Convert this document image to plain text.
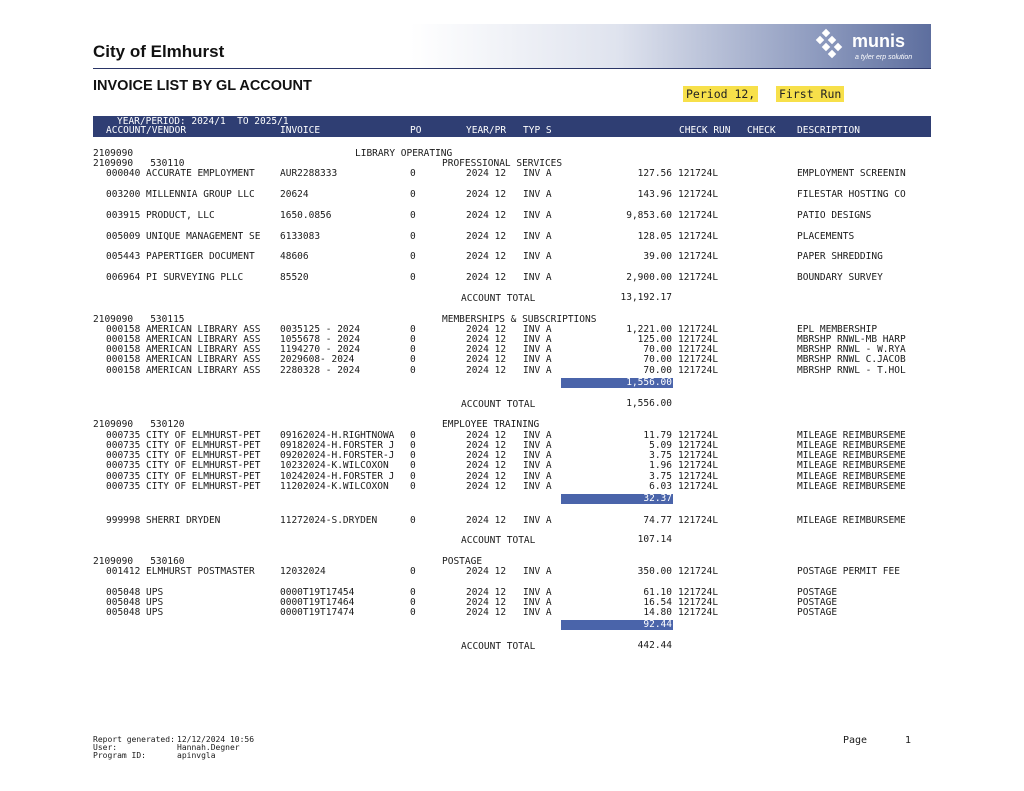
City of Elmhurst
INVOICE LIST BY GL ACCOUNT
munis
a tyler erp solution
Period 12, First Run
YEAR/PERIOD: 2024/1  TO 2025/1
ACCOUNT/VENDOR	INVOICE	PO	YEAR/PR TYP S	CHECK RUN CHECK DESCRIPTION
2109090	LIBRARY OPERATING
2109090   530110	PROFESSIONAL SERVICES
000040 ACCURATE EMPLOYMENT	AUR2288333	0	2024 12 INV A	127.56 121724L	EMPLOYMENT SCREENIN
003200 MILLENNIA GROUP LLC	20624	0	2024 12 INV A	143.96 121724L	FILESTAR HOSTING CO
003915 PRODUCT, LLC	1650.0856	0	2024 12 INV A	9,853.60 121724L	PATIO DESIGNS
005009 UNIQUE MANAGEMENT SE 6133083	0	2024 12 INV A	128.05 121724L	PLACEMENTS
005443 PAPERTIGER DOCUMENT	48606	0	2024 12 INV A	39.00 121724L	PAPER SHREDDING
006964 PI SURVEYING PLLC	85520	0	2024 12 INV A	2,900.00 121724L	BOUNDARY SURVEY
ACCOUNT TOTAL	13,192.17
2109090   530115	MEMBERSHIPS & SUBSCRIPTIONS
000158 AMERICAN LIBRARY ASS 0035125 - 2024	0	2024 12 INV A	1,221.00 121724L	EPL MEMBERSHIP
000158 AMERICAN LIBRARY ASS 1055678 - 2024	0	2024 12 INV A	125.00 121724L	MBRSHP RNWL-MB HARP
000158 AMERICAN LIBRARY ASS 1194270 - 2024	0	2024 12 INV A	70.00 121724L	MBRSHP RNWL - W.RYA
000158 AMERICAN LIBRARY ASS 2029608- 2024	0	2024 12 INV A	70.00 121724L	MBRSHP RNWL C.JACOB
000158 AMERICAN LIBRARY ASS 2280328 - 2024	0	2024 12 INV A	70.00 121724L	MBRSHP RNWL - T.HOL
1,556.00
ACCOUNT TOTAL	1,556.00
2109090   530120	EMPLOYEE TRAINING
000735 CITY OF ELMHURST-PET 09162024-H.RIGHTNOWA 0	2024 12 INV A	11.79 121724L	MILEAGE REIMBURSEME
000735 CITY OF ELMHURST-PET 09182024-H.FORSTER J 0	2024 12 INV A	5.09 121724L	MILEAGE REIMBURSEME
000735 CITY OF ELMHURST-PET 09202024-H.FORSTER-J 0	2024 12 INV A	3.75 121724L	MILEAGE REIMBURSEME
000735 CITY OF ELMHURST-PET 10232024-K.WILCOXON 0	2024 12 INV A	1.96 121724L	MILEAGE REIMBURSEME
000735 CITY OF ELMHURST-PET 10242024-H.FORSTER J 0	2024 12 INV A	3.75 121724L	MILEAGE REIMBURSEME
000735 CITY OF ELMHURST-PET 11202024-K.WILCOXON 0	2024 12 INV A	6.03 121724L	MILEAGE REIMBURSEME
32.37
999998 SHERRI DRYDEN	11272024-S.DRYDEN	0	2024 12 INV A	74.77 121724L	MILEAGE REIMBURSEME
ACCOUNT TOTAL	107.14
2109090   530160	POSTAGE
001412 ELMHURST POSTMASTER	12032024	0	2024 12 INV A	350.00 121724L	POSTAGE PERMIT FEE
005048 UPS	0000T19T17454	0	2024 12 INV A	61.10 121724L	POSTAGE
005048 UPS	0000T19T17464	0	2024 12 INV A	16.54 121724L	POSTAGE
005048 UPS	0000T19T17474	0	2024 12 INV A	14.80 121724L	POSTAGE
92.44
ACCOUNT TOTAL	442.44
Report generated: 12/12/2024 10:56
User:	Hannah.Degner
Program ID:	apinvgla
Page	1
